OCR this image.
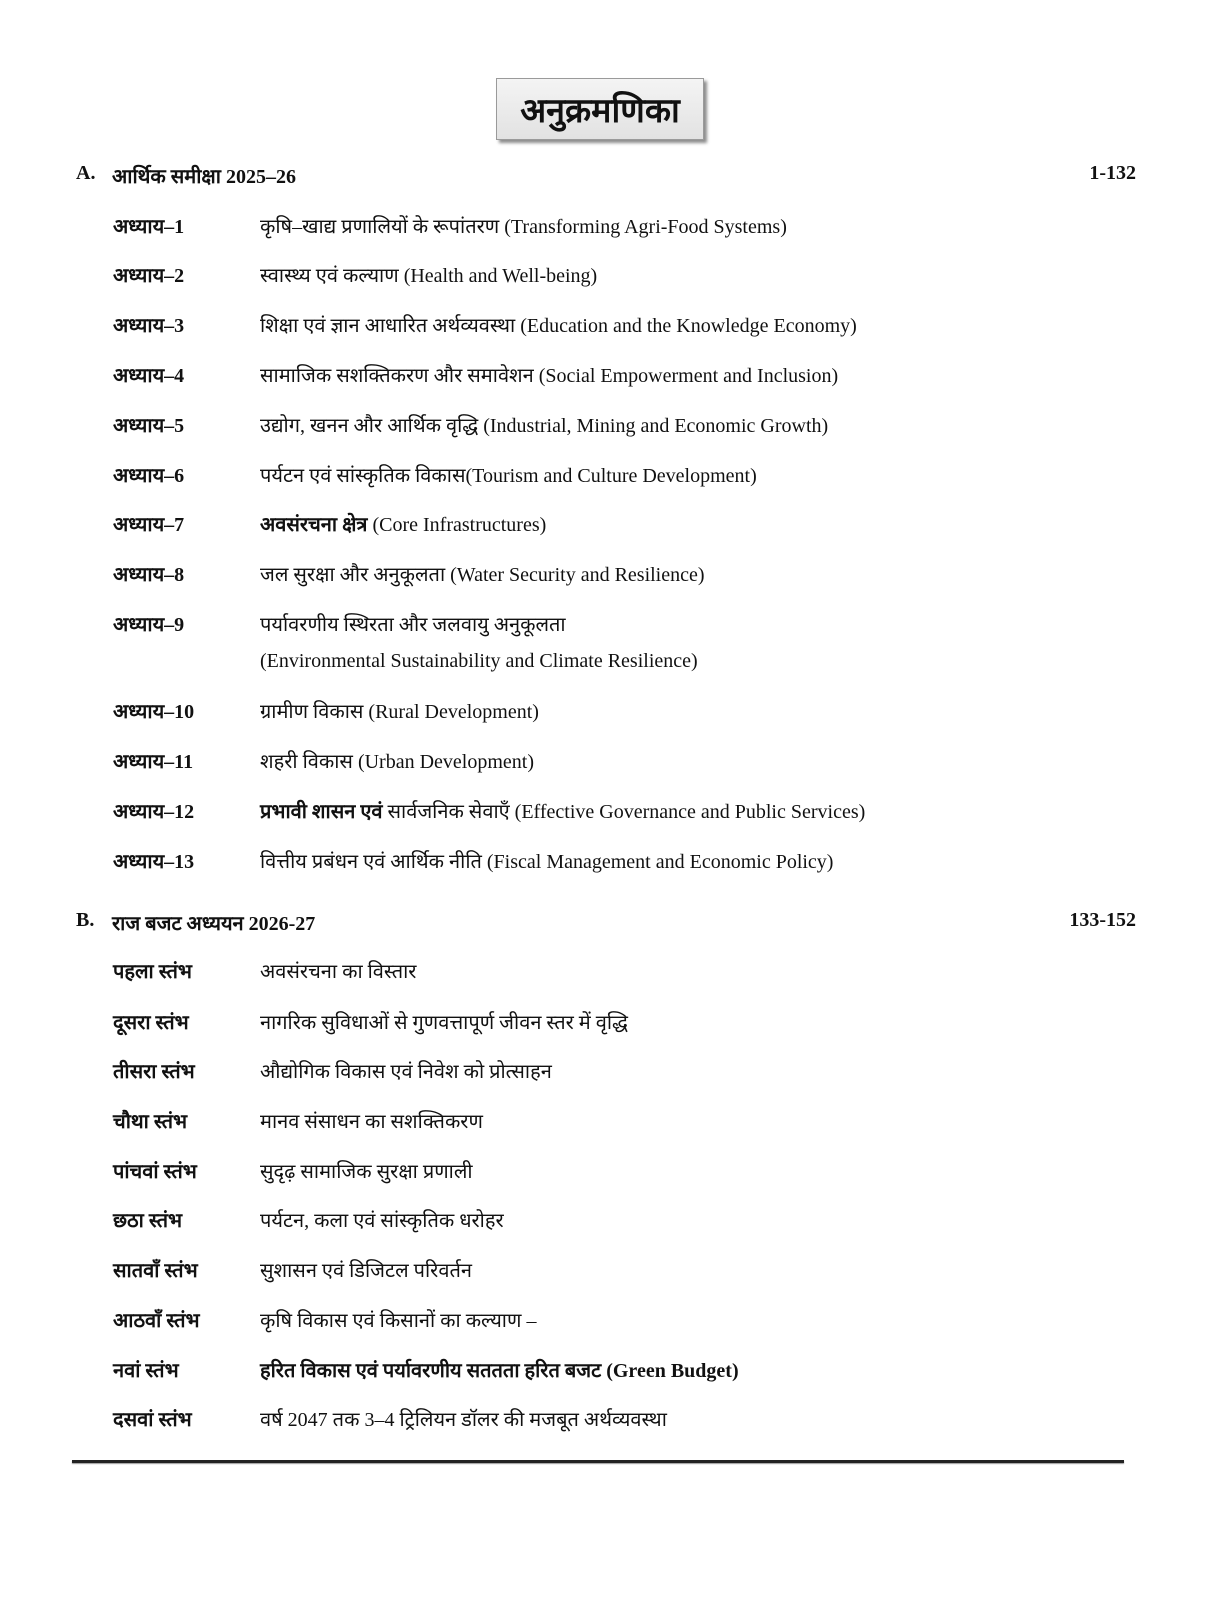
अनुक्रमणिका
A. आर्थिक समीक्षा 2025–26	1-132
अध्याय–1	कृषि–खाद्य प्रणालियों के रूपांतरण (Transforming Agri-Food Systems)
अध्याय–2	स्वास्थ्य एवं कल्याण (Health and Well-being)
अध्याय–3	शिक्षा एवं ज्ञान आधारित अर्थव्यवस्था (Education and the Knowledge Economy)
अध्याय–4	सामाजिक सशक्तिकरण और समावेशन (Social Empowerment and Inclusion)
अध्याय–5	उद्योग, खनन और आर्थिक वृद्धि (Industrial, Mining and Economic Growth)
अध्याय–6	पर्यटन एवं सांस्कृतिक विकास(Tourism and Culture Development)
अध्याय–7	अवसंरचना क्षेत्र (Core Infrastructures)
अध्याय–8	जल सुरक्षा और अनुकूलता (Water Security and Resilience)
अध्याय–9	पर्यावरणीय स्थिरता और जलवायु अनुकूलता
(Environmental Sustainability and Climate Resilience)
अध्याय–10	ग्रामीण विकास (Rural Development)
अध्याय–11	शहरी विकास (Urban Development)
अध्याय–12	प्रभावी शासन एवं सार्वजनिक सेवाएँ (Effective Governance and Public Services)
अध्याय–13	वित्तीय प्रबंधन एवं आर्थिक नीति (Fiscal Management and Economic Policy)
B. राज बजट अध्ययन 2026-27	133-152
पहला स्तंभ	अवसंरचना का विस्तार
दूसरा स्तंभ	नागरिक सुविधाओं से गुणवत्तापूर्ण जीवन स्तर में वृद्धि
तीसरा स्तंभ	औद्योगिक विकास एवं निवेश को प्रोत्साहन
चौथा स्तंभ	मानव संसाधन का सशक्तिकरण
पांचवां स्तंभ	सुदृढ़ सामाजिक सुरक्षा प्रणाली
छठा स्तंभ	पर्यटन, कला एवं सांस्कृतिक धरोहर
सातवाँ स्तंभ	सुशासन एवं डिजिटल परिवर्तन
आठवाँ स्तंभ	कृषि विकास एवं किसानों का कल्याण –
नवां स्तंभ	हरित विकास एवं पर्यावरणीय सततता हरित बजट (Green Budget)
दसवां स्तंभ	वर्ष 2047 तक 3–4 ट्रिलियन डॉलर की मजबूत अर्थव्यवस्था
